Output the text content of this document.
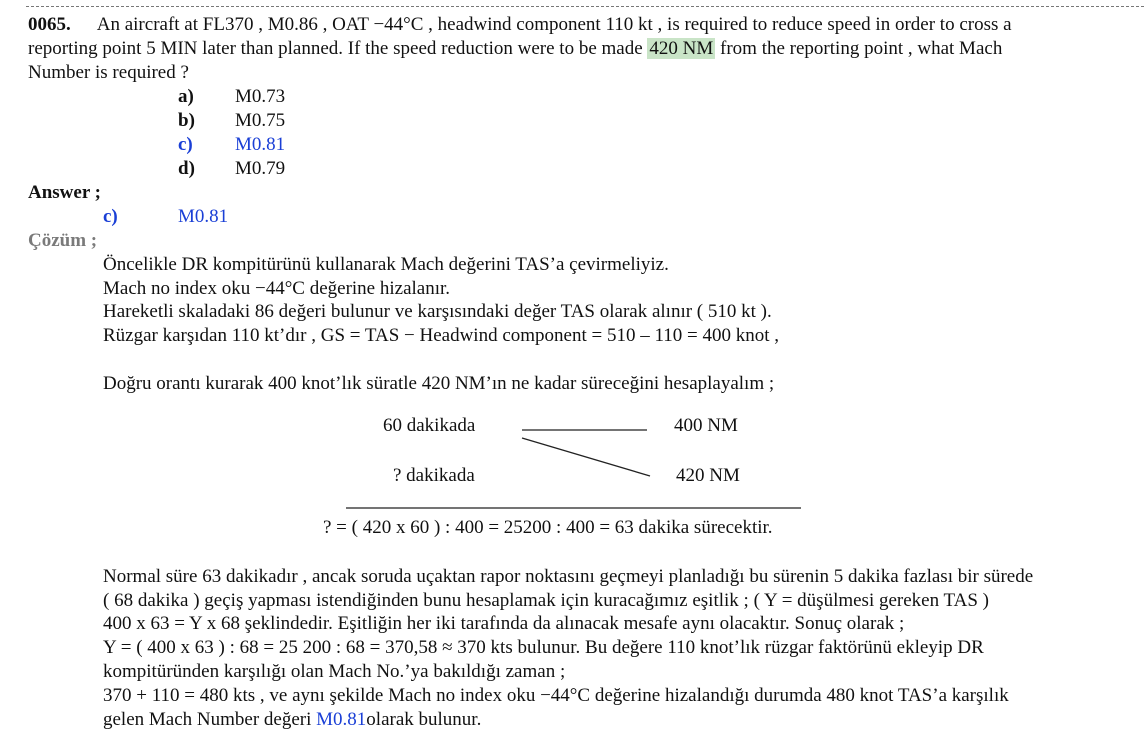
0065. An aircraft at FL370 , M0.86 , OAT −44°C , headwind component 110 kt , is required to reduce speed in order to cross a
reporting point 5 MIN later than planned. If the speed reduction were to be made 420 NM from the reporting point , what Mach
Number is required ?
a) M0.73
b) M0.75
c) M0.81
d) M0.79
Answer ;
c)	M0.81
Çözüm ;
Öncelikle DR kompitürünü kullanarak Mach değerini TAS’a çevirmeliyiz.
Mach no index oku −44°C değerine hizalanır.
Hareketli skaladaki 86 değeri bulunur ve karşısındaki değer TAS olarak alınır ( 510 kt ).
Rüzgar karşıdan 110 kt’dır , GS = TAS − Headwind component = 510 – 110 = 400 knot ,
Doğru orantı kurarak 400 knot’lık süratle 420 NM’ın ne kadar süreceğini hesaplayalım ;
60 dakikada	400 NM
? dakikada	420 NM
? = ( 420 x 60 ) : 400 = 25200 : 400 = 63 dakika sürecektir.
Normal süre 63 dakikadır , ancak soruda uçaktan rapor noktasını geçmeyi planladığı bu sürenin 5 dakika fazlası bir sürede
( 68 dakika ) geçiş yapması istendiğinden bunu hesaplamak için kuracağımız eşitlik ; ( Y = düşülmesi gereken TAS )
400 x 63 = Y x 68 şeklindedir. Eşitliğin her iki tarafında da alınacak mesafe aynı olacaktır. Sonuç olarak ;
Y = ( 400 x 63 ) : 68 = 25 200 : 68 = 370,58 ≈ 370 kts bulunur. Bu değere 110 knot’lık rüzgar faktörünü ekleyip DR
kompitüründen karşılığı olan Mach No.’ya bakıldığı zaman ;
370 + 110 = 480 kts , ve aynı şekilde Mach no index oku −44°C değerine hizalandığı durumda 480 knot TAS’a karşılık
gelen Mach Number değeri M0.81olarak bulunur.
